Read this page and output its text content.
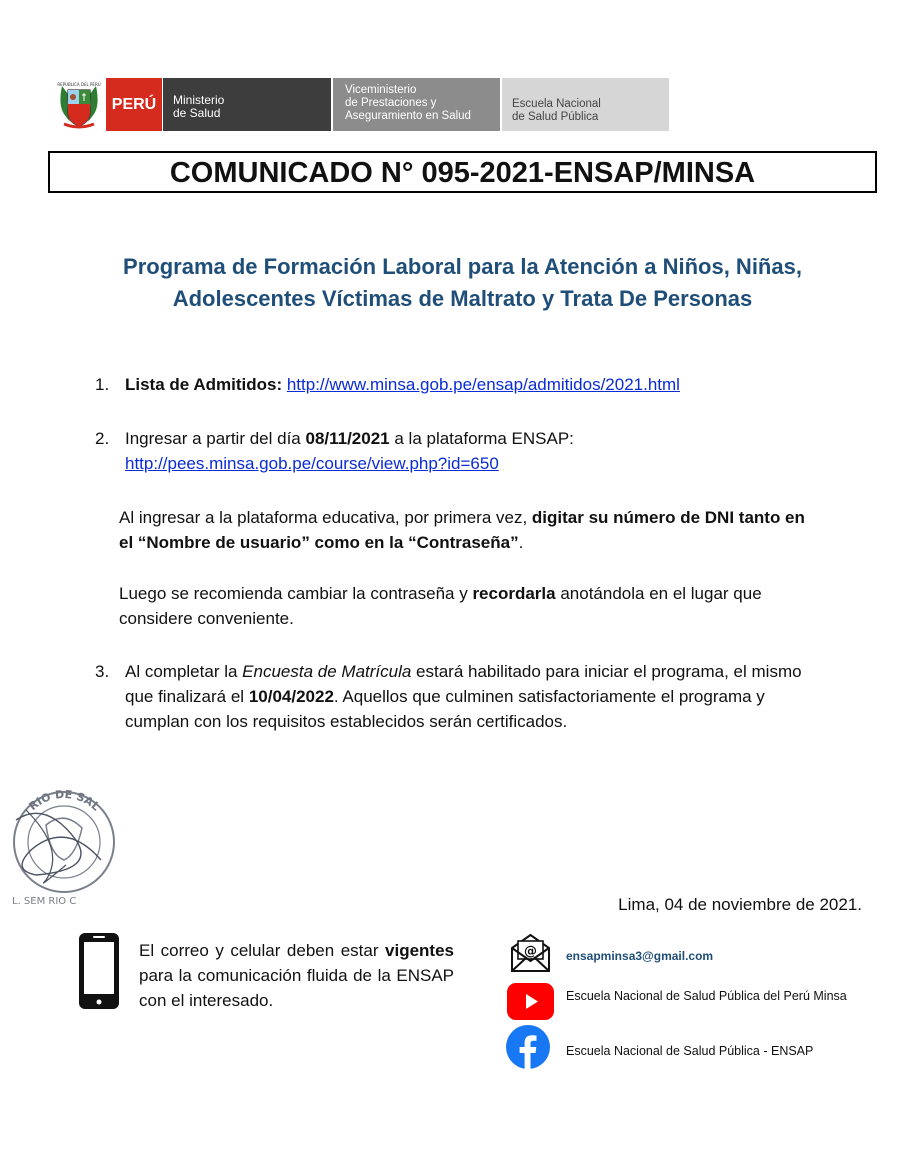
REPÚBLICA DEL PERÚ
PERÚ Ministerio
de Salud
Viceministerio
de Prestaciones y
Aseguramiento en Salud
Escuela Nacional
de Salud Pública
COMUNICADO N° 095-2021-ENSAP/MINSA
Programa de Formación Laboral para la Atención a Niños, Niñas,
Adolescentes Víctimas de Maltrato y Trata De Personas
1. Lista de Admitidos: http://www.minsa.gob.pe/ensap/admitidos/2021.html
2. Ingresar a partir del día 08/11/2021 a la plataforma ENSAP:
http://pees.minsa.gob.pe/course/view.php?id=650
Al ingresar a la plataforma educativa, por primera vez, digitar su número de DNI tanto en
el “Nombre de usuario” como en la “Contraseña”.
Luego se recomienda cambiar la contraseña y recordarla anotándola en el lugar que
considere conveniente.
3. Al completar la Encuesta de Matrícula estará habilitado para iniciar el programa, el mismo
que finalizará el 10/04/2022. Aquellos que culminen satisfactoriamente el programa y
cumplan con los requisitos establecidos serán certificados.
RIO DE SAL
L. SEM RIO C	Lima, 04 de noviembre de 2021.
El correo y celular deben estar vigentes para la comunicación fluida de la ENSAP con el interesado.
@ ensapminsa3@gmail.com
Escuela Nacional de Salud Pública del Perú Minsa
Escuela Nacional de Salud Pública - ENSAP
